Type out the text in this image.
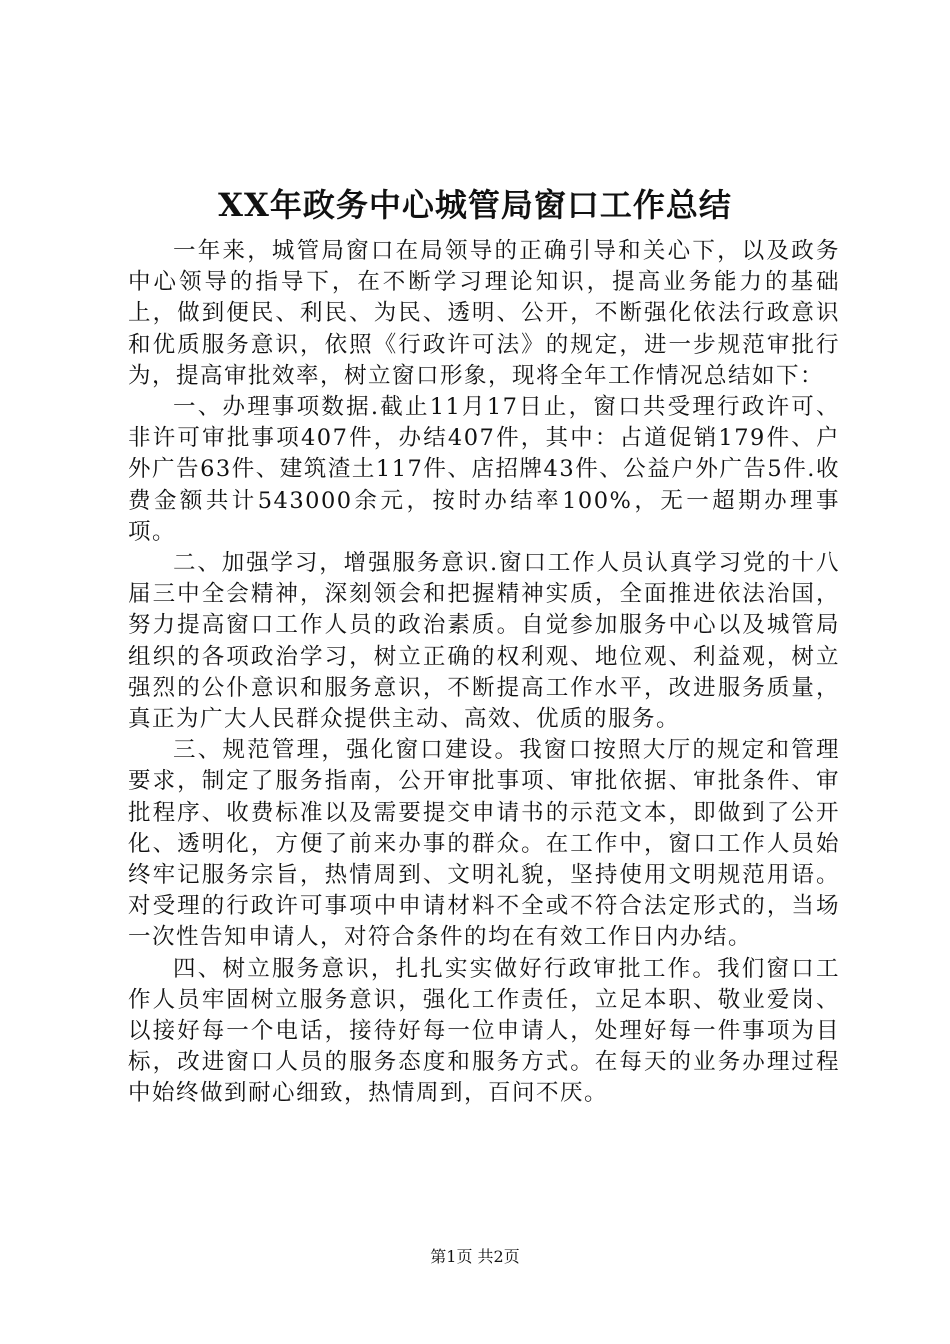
XX年政务中心城管局窗口工作总结

一年来，城管局窗口在局领导的正确引导和关心下，以及政务中心领导的指导下，在不断学习理论知识，提高业务能力的基础上，做到便民、利民、为民、透明、公开，不断强化依法行政意识和优质服务意识，依照《行政许可法》的规定，进一步规范审批行为，提高审批效率，树立窗口形象，现将全年工作情况总结如下：

一、办理事项数据.截止11月17日止，窗口共受理行政许可、非许可审批事项407件，办结407件，其中：占道促销179件、户外广告63件、建筑渣土117件、店招牌43件、公益户外广告5件.收费金额共计543000余元，按时办结率100%，无一超期办理事项。

二、加强学习，增强服务意识.窗口工作人员认真学习党的十八届三中全会精神，深刻领会和把握精神实质，全面推进依法治国，努力提高窗口工作人员的政治素质。自觉参加服务中心以及城管局组织的各项政治学习，树立正确的权利观、地位观、利益观，树立强烈的公仆意识和服务意识，不断提高工作水平，改进服务质量，真正为广大人民群众提供主动、高效、优质的服务。

三、规范管理，强化窗口建设。我窗口按照大厅的规定和管理要求，制定了服务指南，公开审批事项、审批依据、审批条件、审批程序、收费标准以及需要提交申请书的示范文本，即做到了公开化、透明化，方便了前来办事的群众。在工作中，窗口工作人员始终牢记服务宗旨，热情周到、文明礼貌，坚持使用文明规范用语。对受理的行政许可事项中申请材料不全或不符合法定形式的，当场一次性告知申请人，对符合条件的均在有效工作日内办结。

四、树立服务意识，扎扎实实做好行政审批工作。我们窗口工作人员牢固树立服务意识，强化工作责任，立足本职、敬业爱岗、以接好每一个电话，接待好每一位申请人，处理好每一件事项为目标，改进窗口人员的服务态度和服务方式。在每天的业务办理过程中始终做到耐心细致，热情周到，百问不厌。

第1页 共2页
